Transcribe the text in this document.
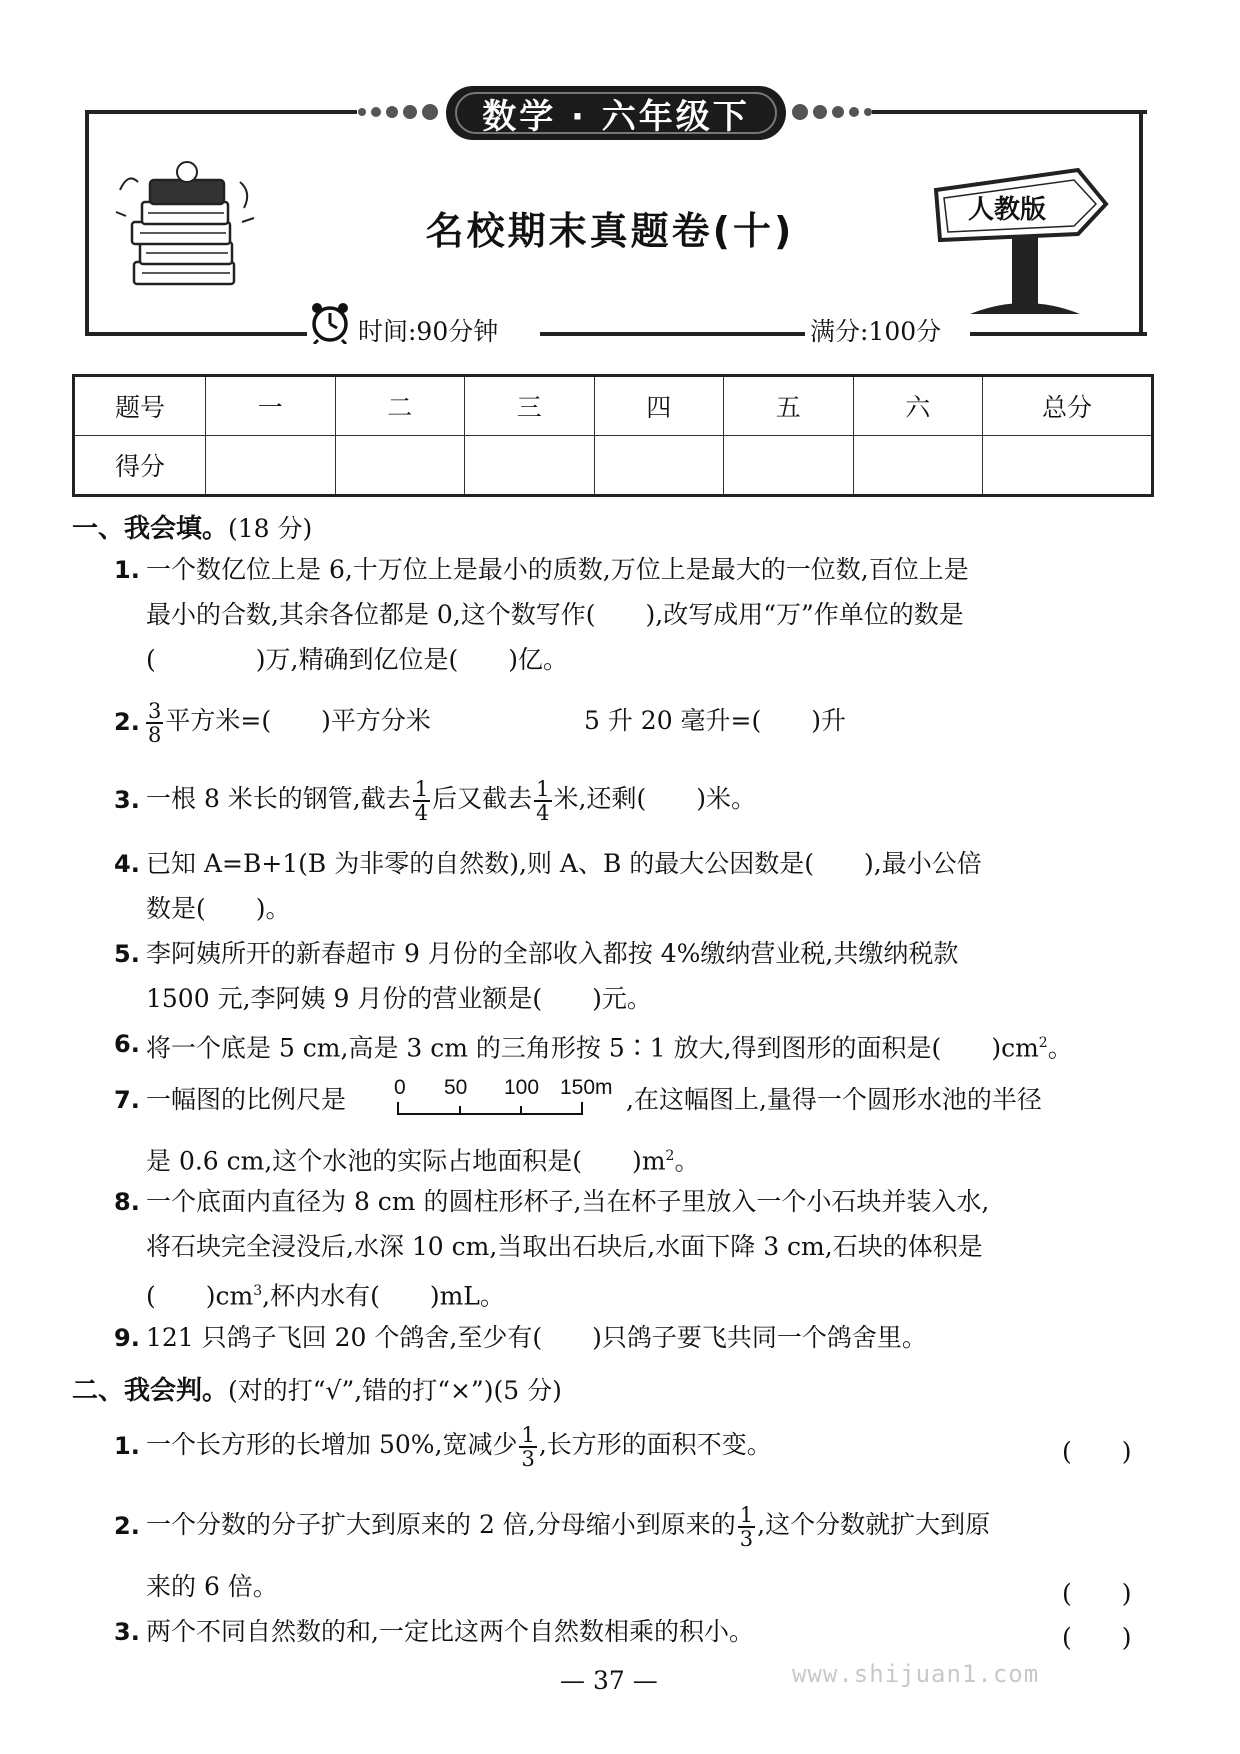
数学 · 六年级下
名校期末真题卷(十)	人教版
时间:90分钟	满分:100分
题号	一	二	三	四	五	六	总分
得分							
一、我会填。(18 分)
1. 一个数亿位上是 6,十万位上是最小的质数,万位上是最大的一位数,百位上是
最小的合数,其余各位都是 0,这个数写作(　　),改写成用“万”作单位的数是
(　　　　)万,精确到亿位是(　　)亿。
2. $\frac{3}{8}$ 平方米=(　　)平方分米	5 升 20 毫升=(　　)升
3. 一根 8 米长的钢管,截去 $\frac{1}{4}$ 后又截去 $\frac{1}{4}$ 米,还剩(　　)米。
4. 已知 A=B+1(B 为非零的自然数),则 A、B 的最大公因数是(　　),最小公倍
数是(　　)。
5. 李阿姨所开的新春超市 9 月份的全部收入都按 4%缴纳营业税,共缴纳税款
1500 元,李阿姨 9 月份的营业额是(　　)元。
6. 将一个底是 5 cm,高是 3 cm 的三角形按 5∶1 放大,得到图形的面积是(　　)$cm^2$。
7. 一幅图的比例尺是 0 50 100 150m ,在这幅图上,量得一个圆形水池的半径
是 0.6 cm,这个水池的实际占地面积是(　　)$m^2$。
8. 一个底面内直径为 8 cm 的圆柱形杯子,当在杯子里放入一个小石块并装入水,
将石块完全浸没后,水深 10 cm,当取出石块后,水面下降 3 cm,石块的体积是
(　　)$cm^3$,杯内水有(　　)mL。
9. 121 只鸽子飞回 20 个鸽舍,至少有(　　)只鸽子要飞共同一个鸽舍里。
二、我会判。(对的打“√”,错的打“×”)(5 分)
1. 一个长方形的长增加 50%,宽减少 $\frac{1}{3}$ ,长方形的面积不变。	(　　)
2. 一个分数的分子扩大到原来的 2 倍,分母缩小到原来的 $\frac{1}{3}$ ,这个分数就扩大到原
来的 6 倍。	(　　)
3. 两个不同自然数的和,一定比这两个自然数相乘的积小。	(　　)
— 37 —	www.shijuan1.com
